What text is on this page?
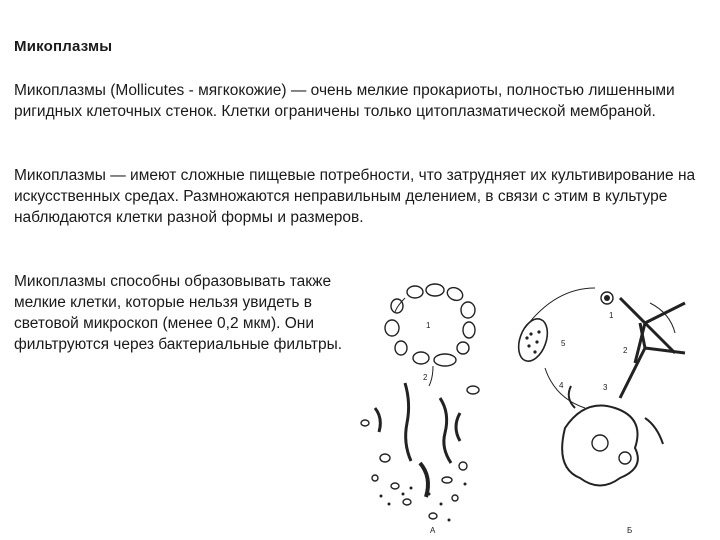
Микоплазмы
Микоплазмы (Mollicutes - мягкокожие) — очень мелкие прокариоты, полностью лишенными ригидных клеточных стенок. Клетки ограничены только цитоплазматической мембраной.
Микоплазмы — имеют сложные пищевые потребности, что затрудняет их культивирование на искусственных средах. Размножаются неправильным делением, в связи с этим в культуре наблюдаются клетки разной формы и размеров.
Микоплазмы способны образовывать также мелкие клетки, которые нельзя увидеть в световой микроскоп (менее 0,2 мкм). Они фильтруются через бактериальные фильтры.
1
2
А
1
2
3
4
5
Б
